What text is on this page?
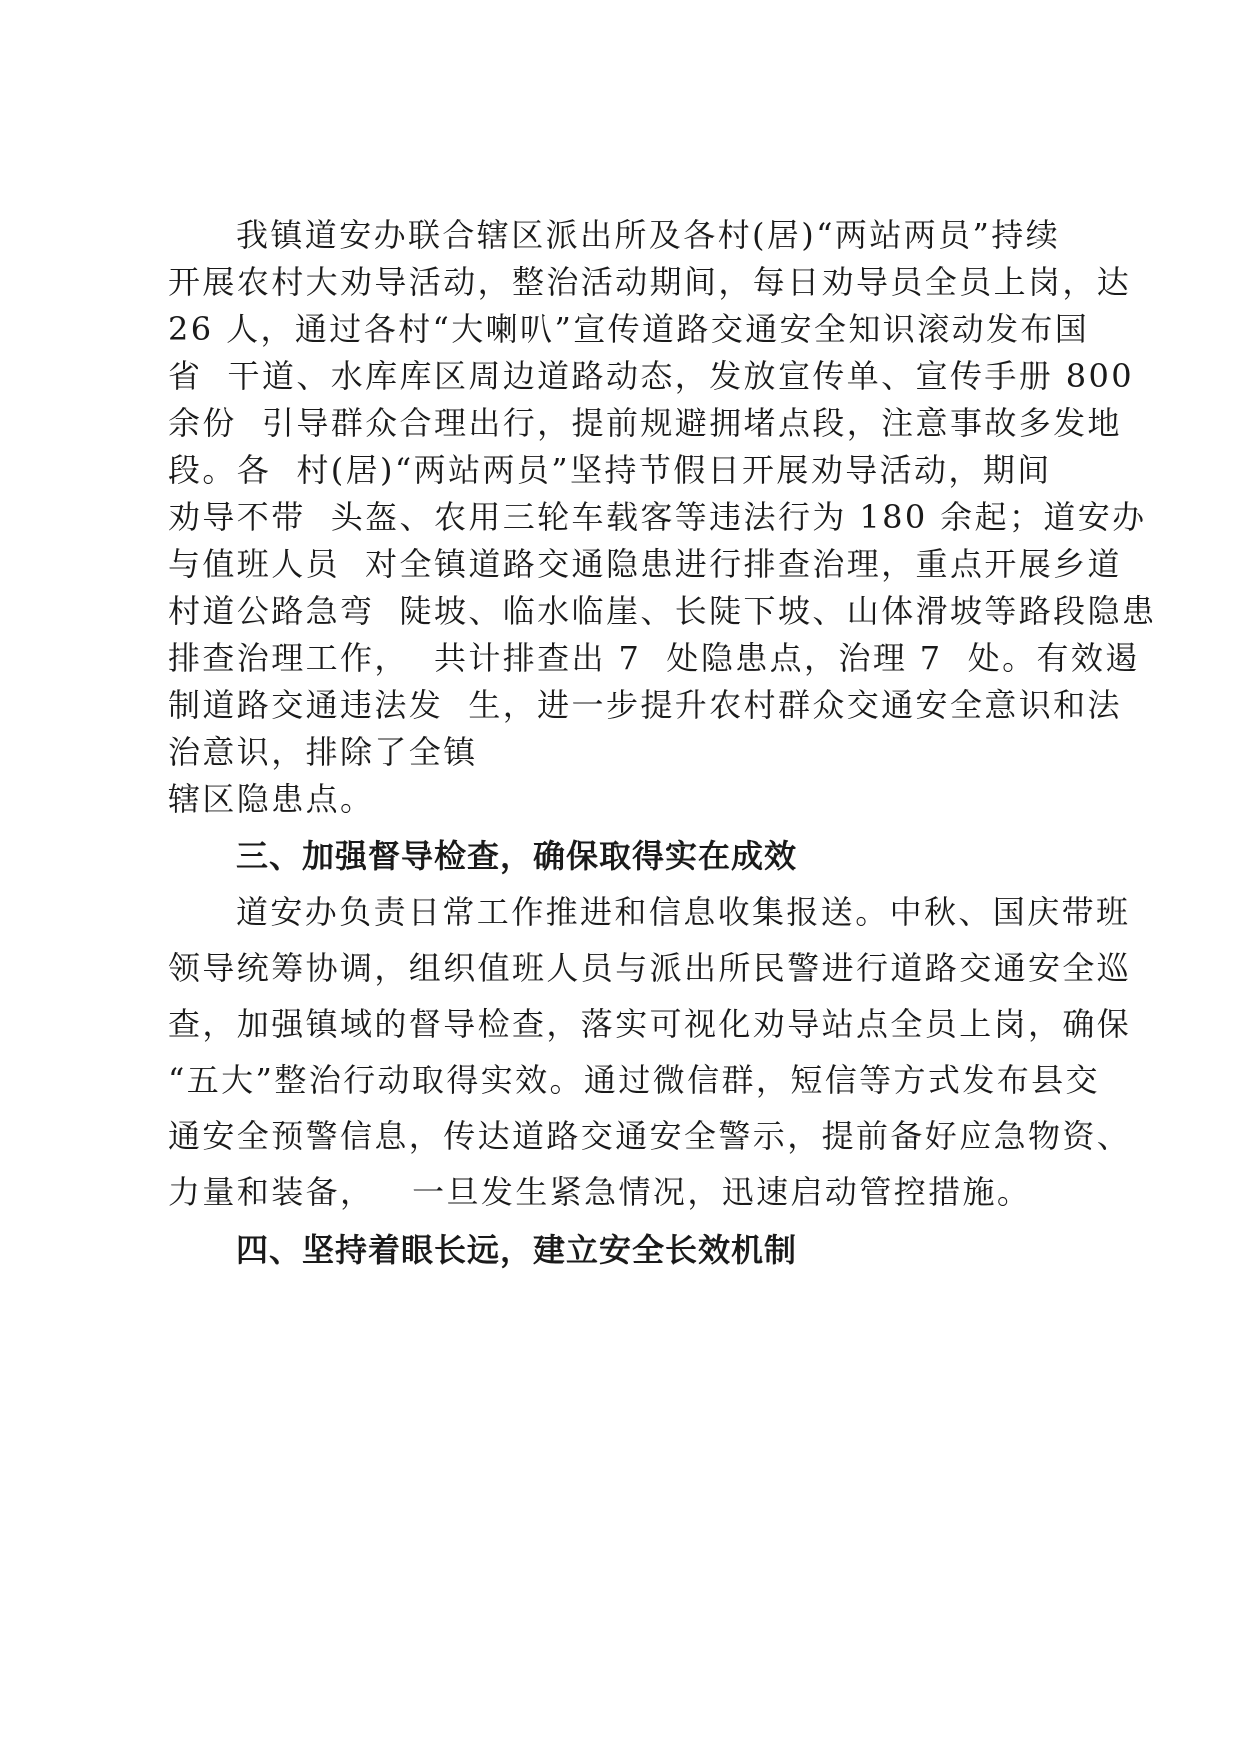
我镇道安办联合辖区派出所及各村(居)“两站两员”持续
开展农村大劝导活动，整治活动期间，每日劝导员全员上岗，达
26 人，通过各村“大喇叭”宣传道路交通安全知识滚动发布国
省  干道、水库库区周边道路动态，发放宣传单、宣传手册 800
余份  引导群众合理出行，提前规避拥堵点段，注意事故多发地
段。各  村(居)“两站两员”坚持节假日开展劝导活动，期间
劝导不带  头盔、农用三轮车载客等违法行为 180 余起；道安办
与值班人员  对全镇道路交通隐患进行排查治理，重点开展乡道
村道公路急弯  陡坡、临水临崖、长陡下坡、山体滑坡等路段隐患
排查治理工作，  共计排查出 7  处隐患点，治理 7  处。有效遏
制道路交通违法发  生，进一步提升农村群众交通安全意识和法
治意识，排除了全镇
辖区隐患点。
三、加强督导检查，确保取得实在成效
道安办负责日常工作推进和信息收集报送。中秋、国庆带班
领导统筹协调，组织值班人员与派出所民警进行道路交通安全巡
查，加强镇域的督导检查，落实可视化劝导站点全员上岗，确保
“五大”整治行动取得实效。通过微信群，短信等方式发布县交
通安全预警信息，传达道路交通安全警示，提前备好应急物资、
力量和装备，   一旦发生紧急情况，迅速启动管控措施。
四、坚持着眼长远，建立安全长效机制
